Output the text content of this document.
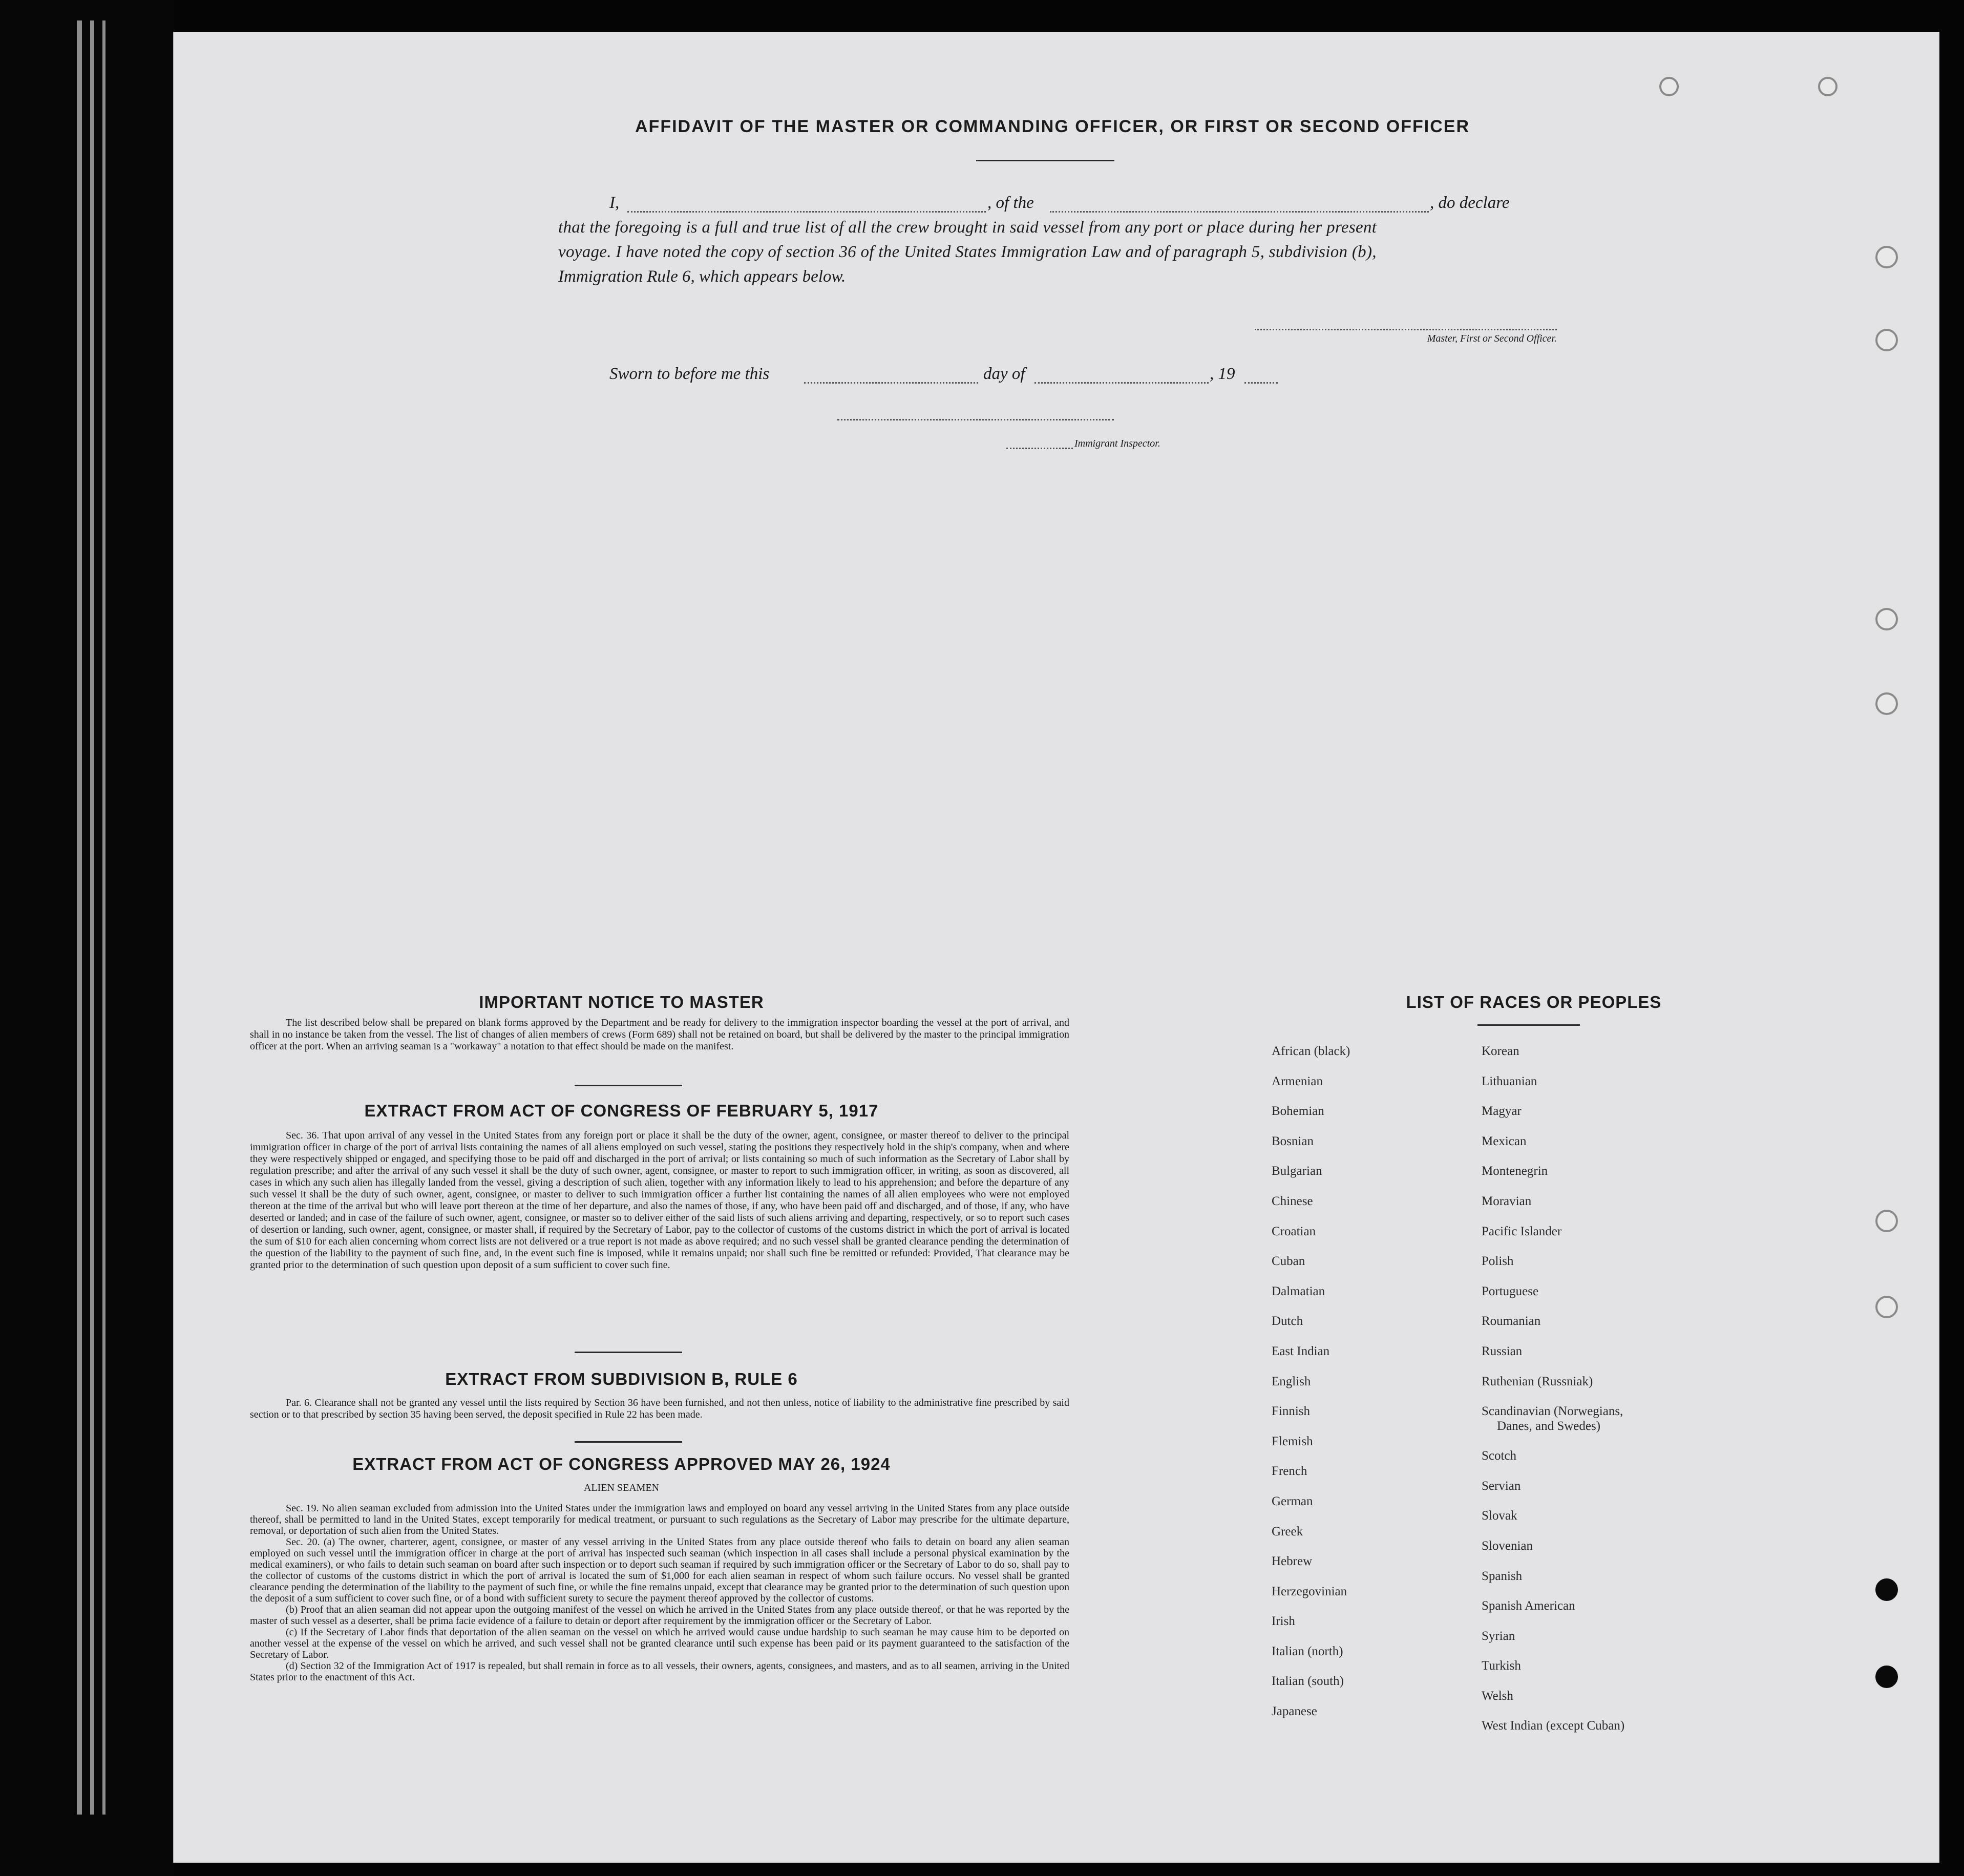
AFFIDAVIT OF THE MASTER OR COMMANDING OFFICER, OR FIRST OR SECOND OFFICER
I,	, of the	, do declare
that the foregoing is a full and true list of all the crew brought in said vessel from any port or place during her present
voyage. I have noted the copy of section 36 of the United States Immigration Law and of paragraph 5, subdivision (b),
Immigration Rule 6, which appears below.
Master, First or Second Officer.
Sworn to before me this	day of	, 19
Immigrant Inspector.
IMPORTANT NOTICE TO MASTER
The list described below shall be prepared on blank forms approved by the Department and be ready for delivery to the immigration inspector boarding the vessel at the port of arrival, and shall in no instance be taken from the vessel. The list of changes of alien members of crews (Form 689) shall not be retained on board, but shall be delivered by the master to the principal immigration officer at the port. When an arriving seaman is a "workaway" a notation to that effect should be made on the manifest.
EXTRACT FROM ACT OF CONGRESS OF FEBRUARY 5, 1917
Sec. 36. That upon arrival of any vessel in the United States from any foreign port or place it shall be the duty of the owner, agent, consignee, or master thereof to deliver to the principal immigration officer in charge of the port of arrival lists containing the names of all aliens employed on such vessel, stating the positions they respectively hold in the ship's company, when and where they were respectively shipped or engaged, and specifying those to be paid off and discharged in the port of arrival; or lists containing so much of such information as the Secretary of Labor shall by regulation prescribe; and after the arrival of any such vessel it shall be the duty of such owner, agent, consignee, or master to report to such immigration officer, in writing, as soon as discovered, all cases in which any such alien has illegally landed from the vessel, giving a description of such alien, together with any information likely to lead to his apprehension; and before the departure of any such vessel it shall be the duty of such owner, agent, consignee, or master to deliver to such immigration officer a further list containing the names of all alien employees who were not employed thereon at the time of the arrival but who will leave port thereon at the time of her departure, and also the names of those, if any, who have been paid off and discharged, and of those, if any, who have deserted or landed; and in case of the failure of such owner, agent, consignee, or master so to deliver either of the said lists of such aliens arriving and departing, respectively, or so to report such cases of desertion or landing, such owner, agent, consignee, or master shall, if required by the Secretary of Labor, pay to the collector of customs of the customs district in which the port of arrival is located the sum of $10 for each alien concerning whom correct lists are not delivered or a true report is not made as above required; and no such vessel shall be granted clearance pending the determination of the question of the liability to the payment of such fine, and, in the event such fine is imposed, while it remains unpaid; nor shall such fine be remitted or refunded: Provided, That clearance may be granted prior to the determination of such question upon deposit of a sum sufficient to cover such fine.
EXTRACT FROM SUBDIVISION B, RULE 6
Par. 6. Clearance shall not be granted any vessel until the lists required by Section 36 have been furnished, and not then unless, notice of liability to the administrative fine prescribed by said section or to that prescribed by section 35 having been served, the deposit specified in Rule 22 has been made.
EXTRACT FROM ACT OF CONGRESS APPROVED MAY 26, 1924
ALIEN SEAMEN
Sec. 19. No alien seaman excluded from admission into the United States under the immigration laws and employed on board any vessel arriving in the United States from any place outside thereof, shall be permitted to land in the United States, except temporarily for medical treatment, or pursuant to such regulations as the Secretary of Labor may prescribe for the ultimate departure, removal, or deportation of such alien from the United States.
Sec. 20. (a) The owner, charterer, agent, consignee, or master of any vessel arriving in the United States from any place outside thereof who fails to detain on board any alien seaman employed on such vessel until the immigration officer in charge at the port of arrival has inspected such seaman (which inspection in all cases shall include a personal physical examination by the medical examiners), or who fails to detain such seaman on board after such inspection or to deport such seaman if required by such immigration officer or the Secretary of Labor to do so, shall pay to the collector of customs of the customs district in which the port of arrival is located the sum of $1,000 for each alien seaman in respect of whom such failure occurs. No vessel shall be granted clearance pending the determination of the liability to the payment of such fine, or while the fine remains unpaid, except that clearance may be granted prior to the determination of such question upon the deposit of a sum sufficient to cover such fine, or of a bond with sufficient surety to secure the payment thereof approved by the collector of customs.
(b) Proof that an alien seaman did not appear upon the outgoing manifest of the vessel on which he arrived in the United States from any place outside thereof, or that he was reported by the master of such vessel as a deserter, shall be prima facie evidence of a failure to detain or deport after requirement by the immigration officer or the Secretary of Labor.
(c) If the Secretary of Labor finds that deportation of the alien seaman on the vessel on which he arrived would cause undue hardship to such seaman he may cause him to be deported on another vessel at the expense of the vessel on which he arrived, and such vessel shall not be granted clearance until such expense has been paid or its payment guaranteed to the satisfaction of the Secretary of Labor.
(d) Section 32 of the Immigration Act of 1917 is repealed, but shall remain in force as to all vessels, their owners, agents, consignees, and masters, and as to all seamen, arriving in the United States prior to the enactment of this Act.
LIST OF RACES OR PEOPLES
African (black)
Armenian
Bohemian
Bosnian
Bulgarian
Chinese
Croatian
Cuban
Dalmatian
Dutch
East Indian
English
Finnish
Flemish
French
German
Greek
Hebrew
Herzegovinian
Irish
Italian (north)
Italian (south)
Japanese
Korean
Lithuanian
Magyar
Mexican
Montenegrin
Moravian
Pacific Islander
Polish
Portuguese
Roumanian
Russian
Ruthenian (Russniak)
Scandinavian (Norwegians,
Danes, and Swedes)
Scotch
Servian
Slovak
Slovenian
Spanish
Spanish American
Syrian
Turkish
Welsh
West Indian (except Cuban)
